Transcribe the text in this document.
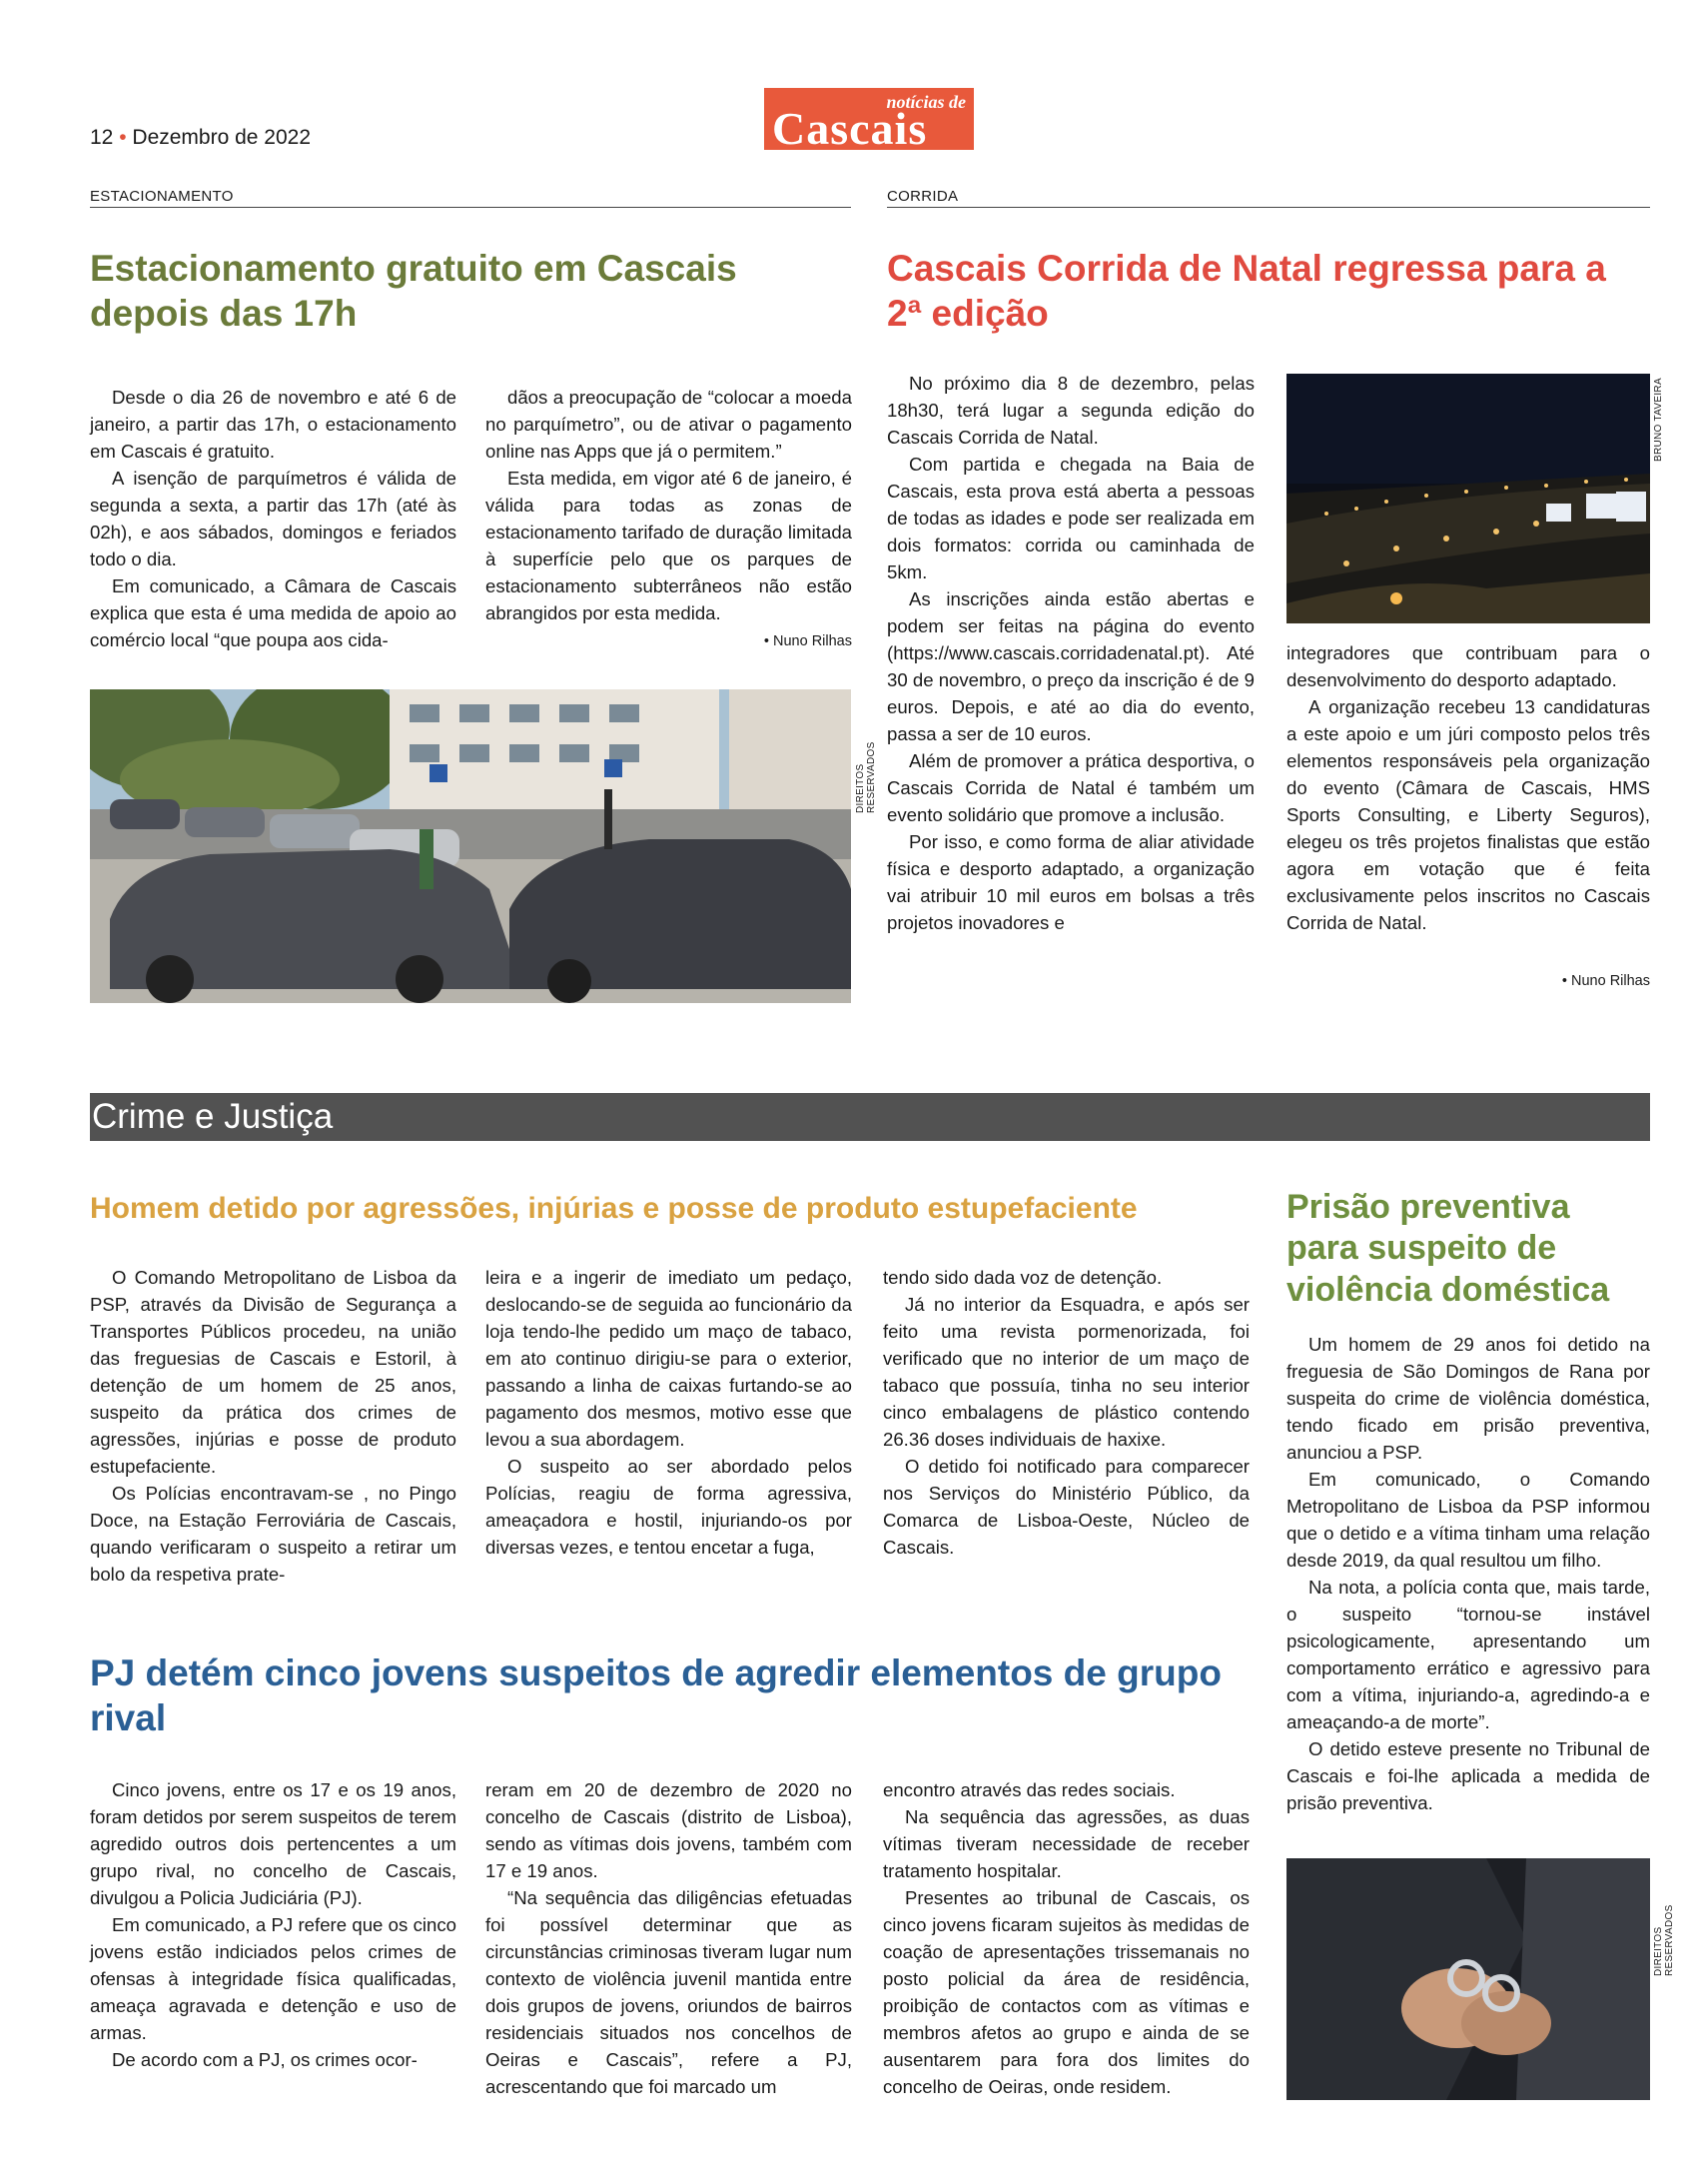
12 • Dezembro de 2022
notícias de
Cascais
ESTACIONAMENTO
Estacionamento gratuito em Cascais depois das 17h

Desde o dia 26 de novembro e até 6 de janeiro, a partir das 17h, o estacionamento em Cascais é gratuito.

A isenção de parquímetros é válida de segunda a sexta, a partir das 17h (até às 02h), e aos sábados, domingos e feriados todo o dia.

Em comunicado, a Câmara de Cascais explica que esta é uma medida de apoio ao comércio local “que poupa aos cida-

dãos a preocupação de “colocar a moeda no parquímetro”, ou de ativar o pagamento online nas Apps que já o permitem.”

Esta medida, em vigor até 6 de janeiro, é válida para todas as zonas de estacionamento tarifado de duração limitada à superfície pelo que os parques de estacionamento subterrâneos não estão abrangidos por esta medida.

• Nuno Rilhas
DIREITOS RESERVADOS
CORRIDA
Cascais Corrida de Natal regressa para a 2ª edição

No próximo dia 8 de dezembro, pelas 18h30, terá lugar a segunda edição do Cascais Corrida de Natal.

Com partida e chegada na Baia de Cascais, esta prova está aberta a pessoas de todas as idades e pode ser realizada em dois formatos: corrida ou caminhada de 5km.

As inscrições ainda estão abertas e podem ser feitas na página do evento (https://www.cascais.corridadenatal.pt). Até 30 de novembro, o preço da inscrição é de 9 euros. Depois, e até ao dia do evento, passa a ser de 10 euros.

Além de promover a prática desportiva, o Cascais Corrida de Natal é também um evento solidário que promove a inclusão.

Por isso, e como forma de aliar atividade física e desporto adaptado, a organização vai atribuir 10 mil euros em bolsas a três projetos inovadores e

BRUNO TAVEIRA

integradores que contribuam para o desenvolvimento do desporto adaptado.

A organização recebeu 13 candidaturas a este apoio e um júri composto pelos três elementos responsáveis pela organização do evento (Câmara de Cascais, HMS Sports Consulting, e Liberty Seguros), elegeu os três projetos finalistas que estão agora em votação que é feita exclusivamente pelos inscritos no Cascais Corrida de Natal.

• Nuno Rilhas
Crime e Justiça
Homem detido por agressões, injúrias e posse de produto estupefaciente

O Comando Metropolitano de Lisboa da PSP, através da Divisão de Segurança a Transportes Públicos procedeu, na união das freguesias de Cascais e Estoril, à detenção de um homem de 25 anos, suspeito da prática dos crimes de agressões, injúrias e posse de produto estupefaciente.

Os Polícias encontravam-se , no Pingo Doce, na Estação Ferroviária de Cascais, quando verificaram o suspeito a retirar um bolo da respetiva prate-

leira e a ingerir de imediato um pedaço, deslocando-se de seguida ao funcionário da loja tendo-lhe pedido um maço de tabaco, em ato continuo dirigiu-se para o exterior, passando a linha de caixas furtando-se ao pagamento dos mesmos, motivo esse que levou a sua abordagem.

O suspeito ao ser abordado pelos Polícias, reagiu de forma agressiva, ameaçadora e hostil, injuriando-os por diversas vezes, e tentou encetar a fuga,

tendo sido dada voz de detenção.

Já no interior da Esquadra, e após ser feito uma revista pormenorizada, foi verificado que no interior de um maço de tabaco que possuía, tinha no seu interior cinco embalagens de plástico contendo 26.36 doses individuais de haxixe.

O detido foi notificado para comparecer nos Serviços do Ministério Público, da Comarca de Lisboa-Oeste, Núcleo de Cascais.

Prisão preventiva para suspeito de violência doméstica

Um homem de 29 anos foi detido na freguesia de São Domingos de Rana por suspeita do crime de violência doméstica, tendo ficado em prisão preventiva, anunciou a PSP.

Em comunicado, o Comando Metropolitano de Lisboa da PSP informou que o detido e a vítima tinham uma relação desde 2019, da qual resultou um filho.

Na nota, a polícia conta que, mais tarde, o suspeito “tornou-se instável psicologicamente, apresentando um comportamento errático e agressivo para com a vítima, injuriando-a, agredindo-a e ameaçando-a de morte”.

O detido esteve presente no Tribunal de Cascais e foi-lhe aplicada a medida de prisão preventiva.

DIREITOS RESERVADOS
PJ detém cinco jovens suspeitos de agredir elementos de grupo rival

Cinco jovens, entre os 17 e os 19 anos, foram detidos por serem suspeitos de terem agredido outros dois pertencentes a um grupo rival, no concelho de Cascais, divulgou a Policia Judiciária (PJ).

Em comunicado, a PJ refere que os cinco jovens estão indiciados pelos crimes de ofensas à integridade física qualificadas, ameaça agravada e detenção e uso de armas.

De acordo com a PJ, os crimes ocor-

reram em 20 de dezembro de 2020 no concelho de Cascais (distrito de Lisboa), sendo as vítimas dois jovens, também com 17 e 19 anos.

“Na sequência das diligências efetuadas foi possível determinar que as circunstâncias criminosas tiveram lugar num contexto de violência juvenil mantida entre dois grupos de jovens, oriundos de bairros residenciais situados nos concelhos de Oeiras e Cascais”, refere a PJ, acrescentando que foi marcado um

encontro através das redes sociais.

Na sequência das agressões, as duas vítimas tiveram necessidade de receber tratamento hospitalar.

Presentes ao tribunal de Cascais, os cinco jovens ficaram sujeitos às medidas de coação de apresentações trissemanais no posto policial da área de residência, proibição de contactos com as vítimas e membros afetos ao grupo e ainda de se ausentarem para fora dos limites do concelho de Oeiras, onde residem.
